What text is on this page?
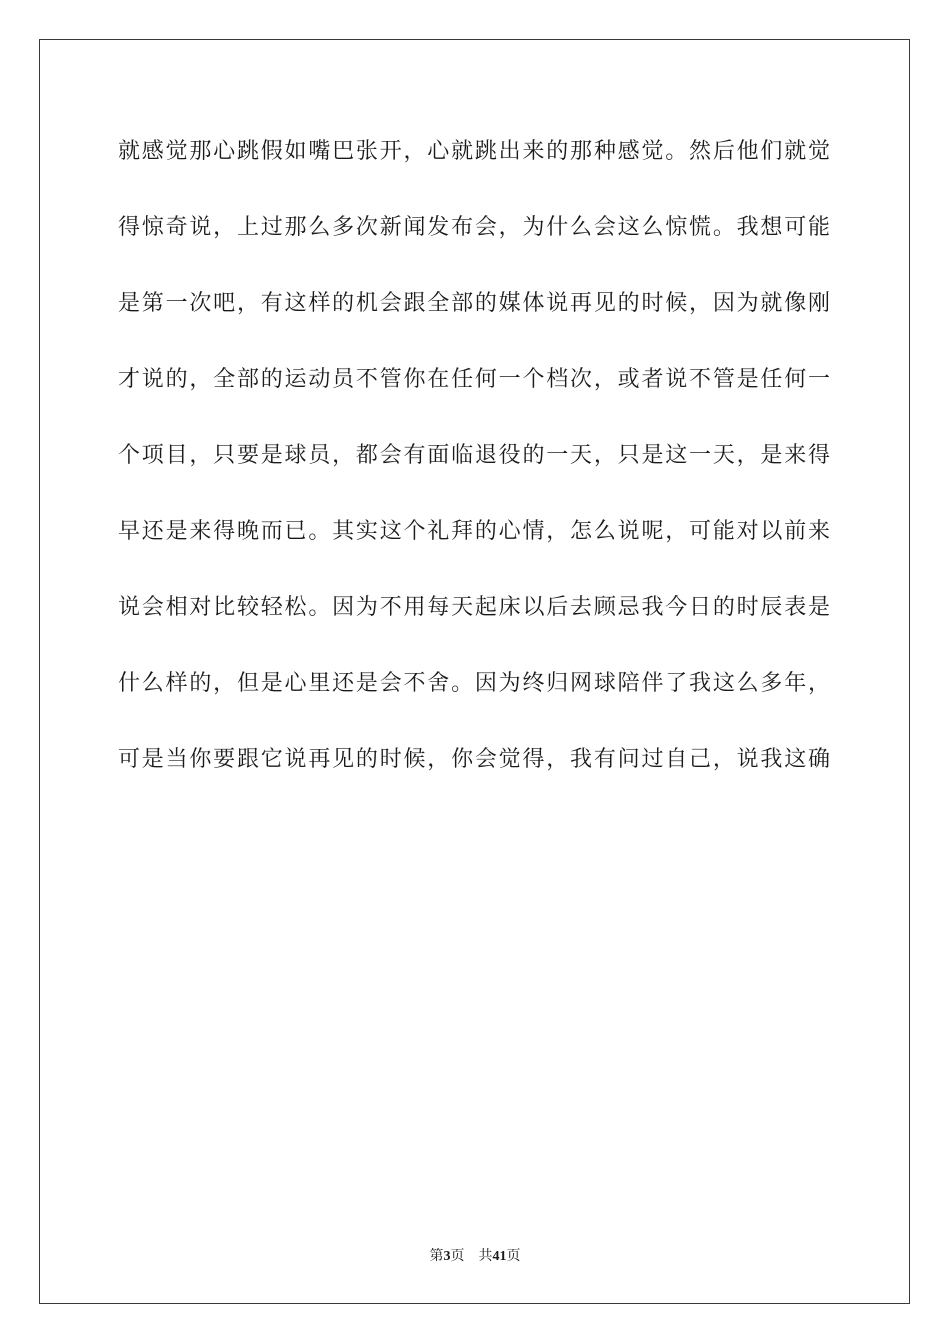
就感觉那心跳假如嘴巴张开，心就跳出来的那种感觉。然后他们就觉
得惊奇说，上过那么多次新闻发布会，为什么会这么惊慌。我想可能
是第一次吧，有这样的机会跟全部的媒体说再见的时候，因为就像刚
才说的，全部的运动员不管你在任何一个档次，或者说不管是任何一
个项目，只要是球员，都会有面临退役的一天，只是这一天，是来得
早还是来得晚而已。其实这个礼拜的心情，怎么说呢，可能对以前来
说会相对比较轻松。因为不用每天起床以后去顾忌我今日的时辰表是
什么样的，但是心里还是会不舍。因为终归网球陪伴了我这么多年，
可是当你要跟它说再见的时候，你会觉得，我有问过自己，说我这确
第3页 共41页
